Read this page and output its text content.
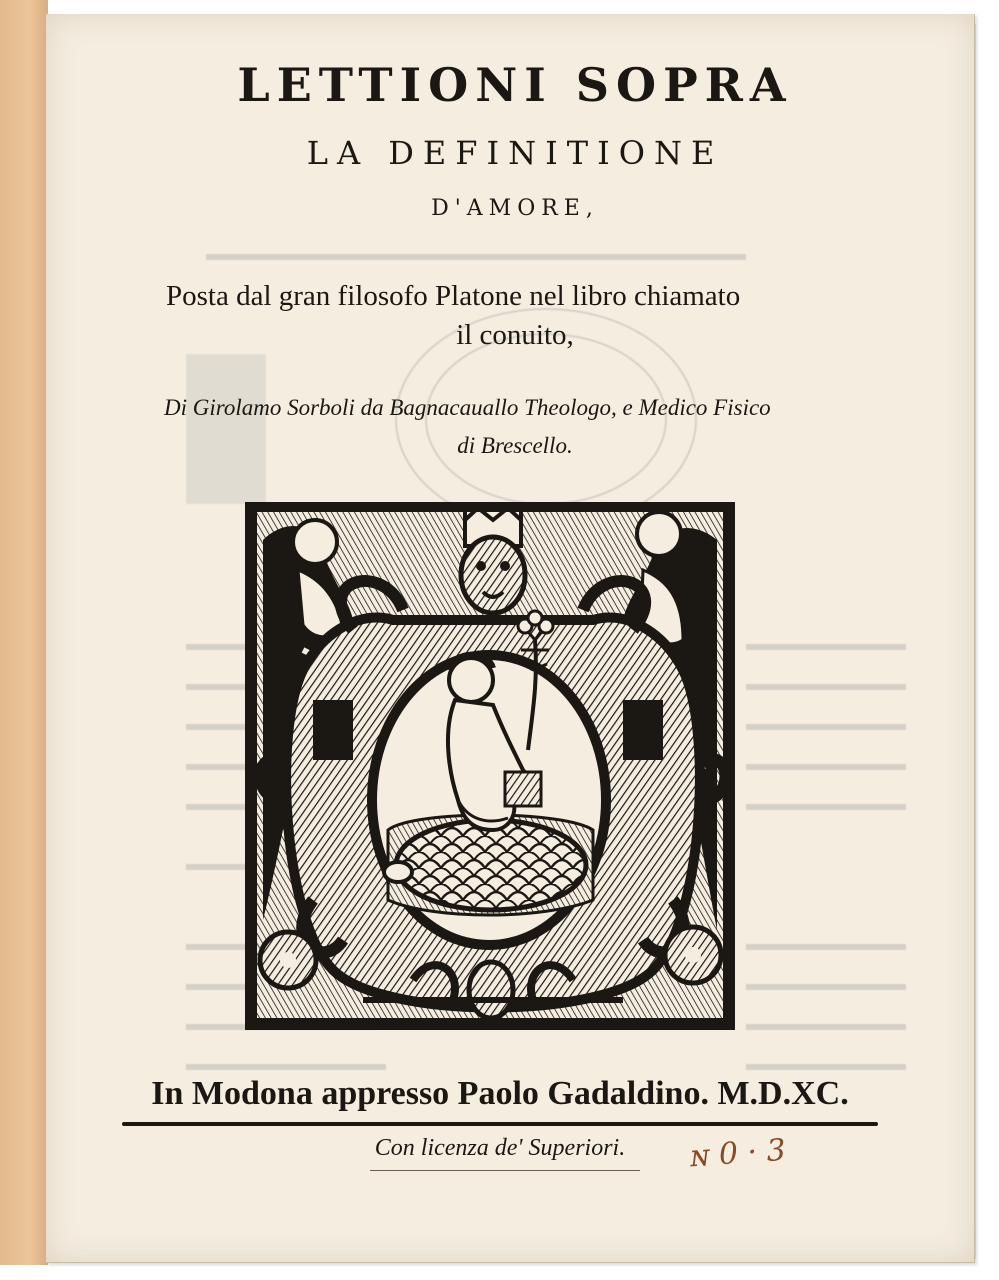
LETTIONI SOPRA
LA DEFINITIONE
D'AMORE,
Posta dal gran filosofo Platone nel libro chiamato
il conuito,
Di Girolamo Sorboli da Bagnacauallo Theologo, e Medico Fisico
di Brescello.
In Modona appresso Paolo Gadaldino. M.D.XC.
Con licenza de' Superiori.	ɴ 0 · 3
